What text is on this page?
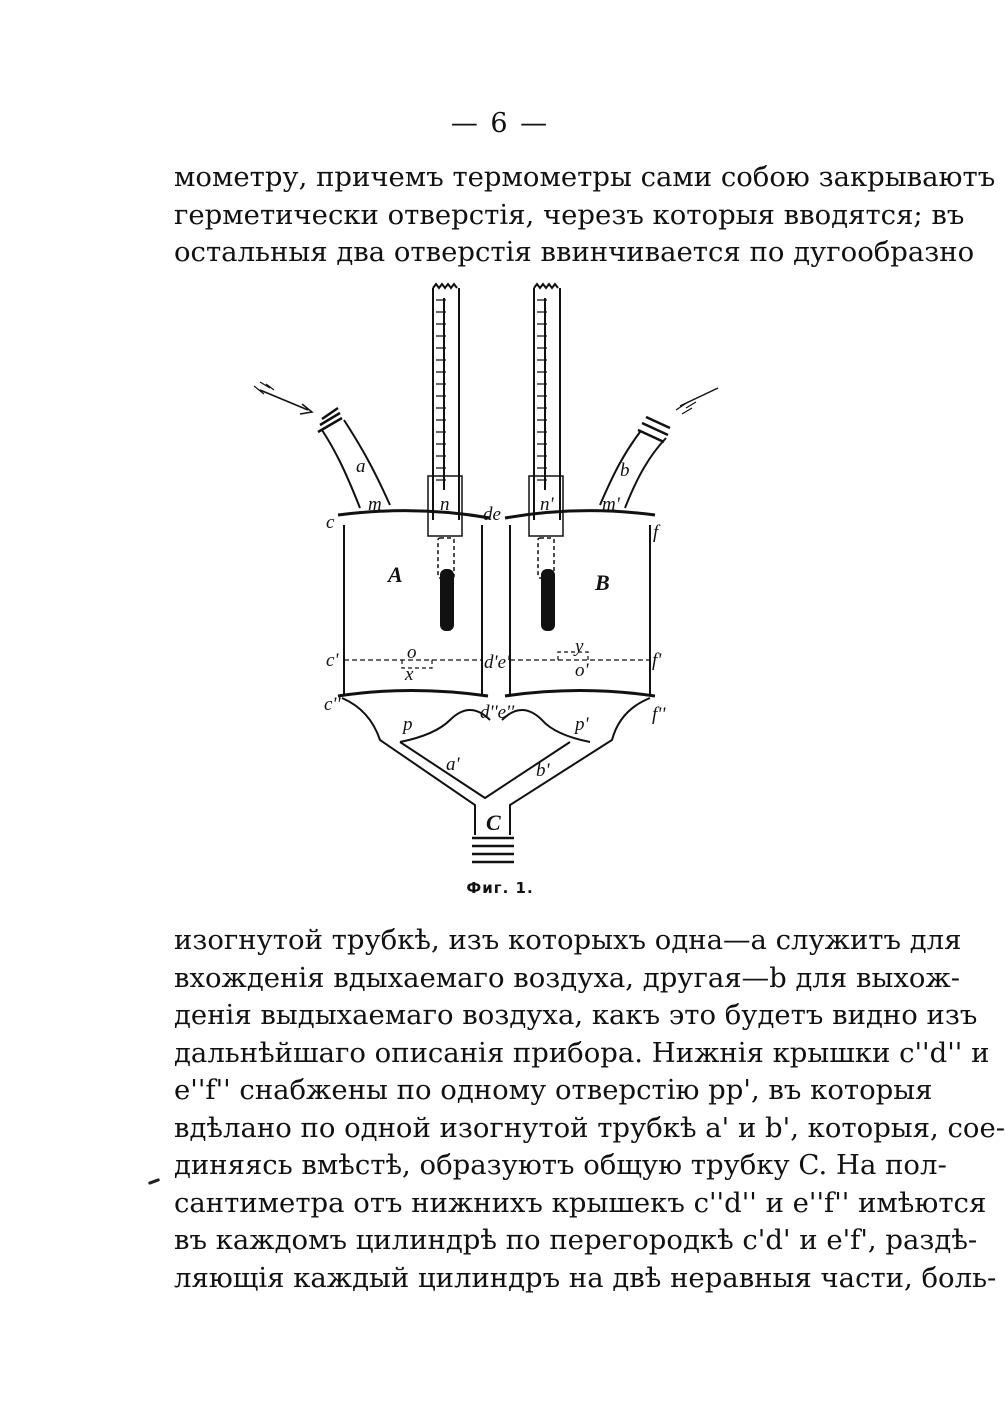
— 6 —
мометру, причемъ термометры сами собою закрываютъ
герметически отверстія, черезъ которыя вводятся; въ
остальныя два отверстія ввинчивается по дугообразно
a	b
m	n	n'	m'
c	de
f
A	B
c'	o
x
d'e'
y
o'	f'
c''	d''e''	f''
p	p'
a'	b'
C
Фиг. 1.
изогнутой трубкѣ, изъ которыхъ одна—a служитъ для
вхожденія вдыхаемаго воздуха, другая—b для выхож-
денія выдыхаемаго воздуха, какъ это будетъ видно изъ
дальнѣйшаго описанія прибора. Нижнія крышки c''d'' и
e''f'' снабжены по одному отверстію pp', въ которыя
вдѣлано по одной изогнутой трубкѣ a' и b', которыя, сое-
диняясь вмѣстѣ, образуютъ общую трубку C. На пол-
сантиметра отъ нижнихъ крышекъ c''d'' и e''f'' имѣются
въ каждомъ цилиндрѣ по перегородкѣ c'd' и e'f', раздѣ-
ляющія каждый цилиндръ на двѣ неравныя части, боль-
